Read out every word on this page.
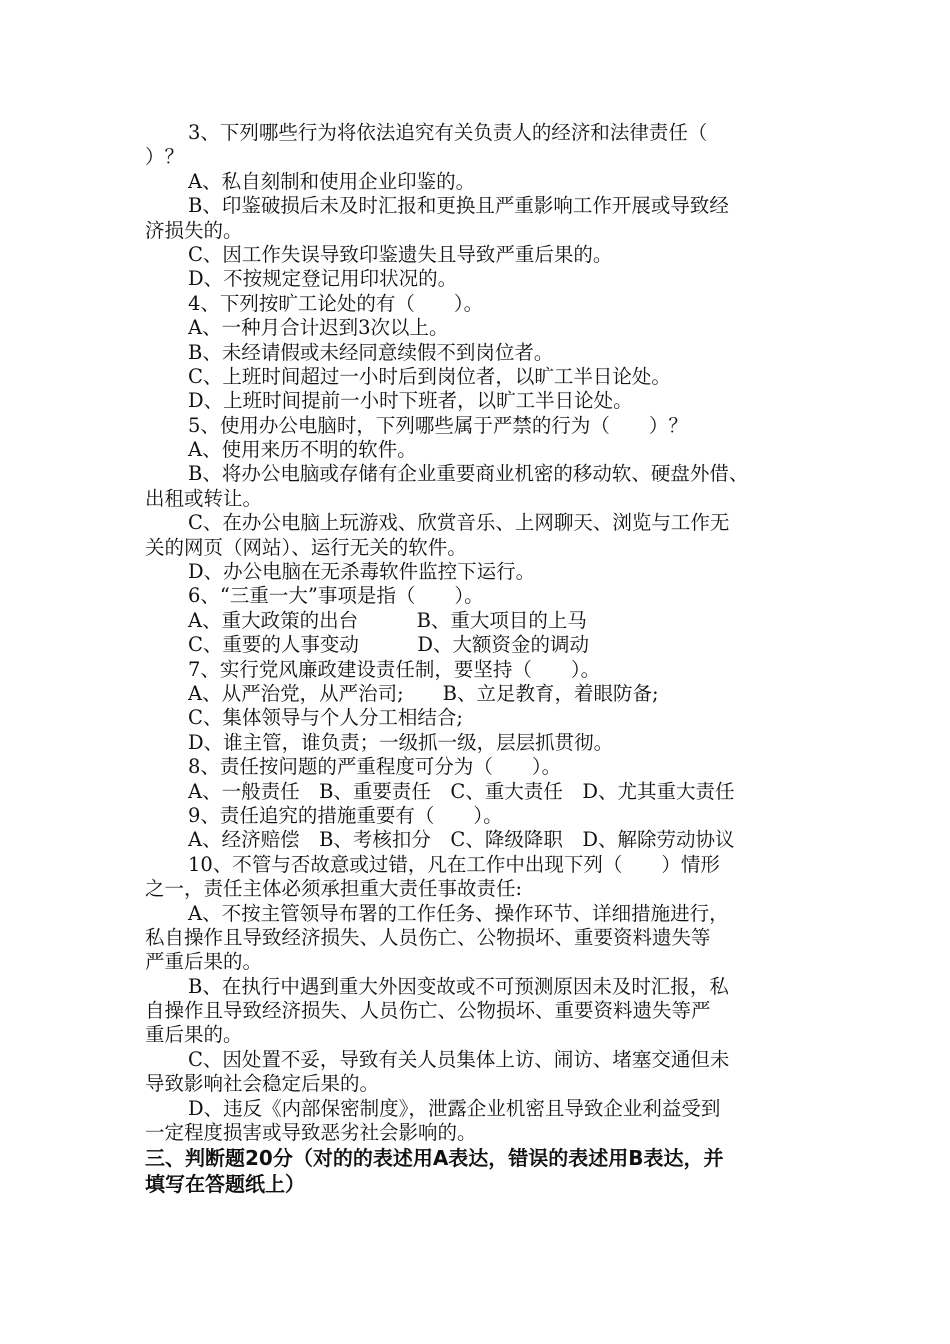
3、下列哪些行为将依法追究有关负责人的经济和法律责任（
）？
A、私自刻制和使用企业印鉴的。
B、印鉴破损后未及时汇报和更换且严重影响工作开展或导致经
济损失的。
C、因工作失误导致印鉴遗失且导致严重后果的。
D、不按规定登记用印状况的。
4、下列按旷工论处的有（　　）。
A、一种月合计迟到3次以上。
B、未经请假或未经同意续假不到岗位者。
C、上班时间超过一小时后到岗位者，以旷工半日论处。
D、上班时间提前一小时下班者，以旷工半日论处。
5、使用办公电脑时，下列哪些属于严禁的行为（　　）？
A、使用来历不明的软件。
B、将办公电脑或存储有企业重要商业机密的移动软、硬盘外借、
出租或转让。
C、在办公电脑上玩游戏、欣赏音乐、上网聊天、浏览与工作无
关的网页（网站）、运行无关的软件。
D、办公电脑在无杀毒软件监控下运行。
6、“三重一大”事项是指（　　）。
A、重大政策的出台　　　B、重大项目的上马
C、重要的人事变动　　　D、大额资金的调动
7、实行党风廉政建设责任制，要坚持（　　）。
A、从严治党，从严治司;　　B、立足教育，着眼防备;
C、集体领导与个人分工相结合;
D、谁主管，谁负责；一级抓一级，层层抓贯彻。
8、责任按问题的严重程度可分为（　　）。
A、一般责任　B、重要责任　C、重大责任　D、尤其重大责任
9、责任追究的措施重要有（　　）。
A、经济赔偿　B、考核扣分　C、降级降职　D、解除劳动协议
10、不管与否故意或过错，凡在工作中出现下列（　　）情形
之一，责任主体必须承担重大责任事故责任:
A、不按主管领导布署的工作任务、操作环节、详细措施进行，
私自操作且导致经济损失、人员伤亡、公物损坏、重要资料遗失等
严重后果的。
B、在执行中遇到重大外因变故或不可预测原因未及时汇报，私
自操作且导致经济损失、人员伤亡、公物损坏、重要资料遗失等严
重后果的。
C、因处置不妥，导致有关人员集体上访、闹访、堵塞交通但未
导致影响社会稳定后果的。
D、违反《内部保密制度》，泄露企业机密且导致企业利益受到
一定程度损害或导致恶劣社会影响的。
三、判断题20分（对的的表述用A表达，错误的表述用B表达，并
填写在答题纸上）
